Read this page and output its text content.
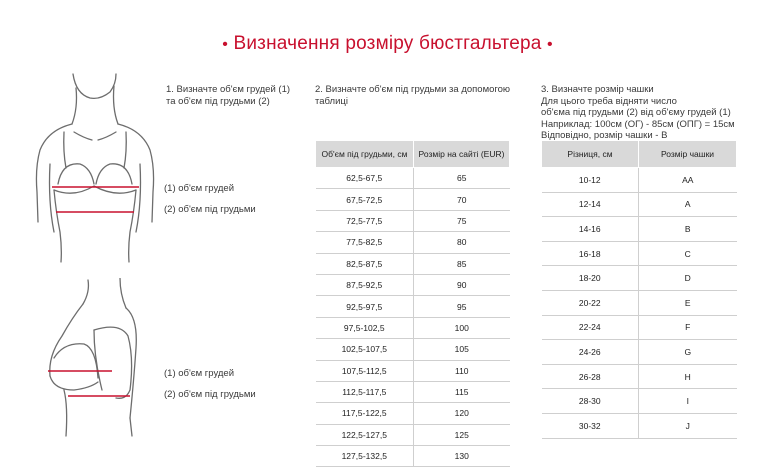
• Визначення розміру бюстгальтера •
1. Визначте об'єм грудей (1)
та об'єм під грудьми (2)
(1) об'єм грудей
(2) об'єм під грудьми
(1) об'єм грудей
(2) об'єм під грудьми
2. Визначте об'єм під грудьми за допомогою
таблиці
3. Визначте розмір чашки
Для цього треба відняти число
об'єма під грудьми (2) від об'єму грудей (1)
Наприклад: 100см (ОГ) - 85см (ОПГ) = 15см
Відповідно, розмір чашки - В
Об'єм під грудьми, см	Розмір на сайті (EUR)
62,5-67,5	65
67,5-72,5	70
72,5-77,5	75
77,5-82,5	80
82,5-87,5	85
87,5-92,5	90
92,5-97,5	95
97,5-102,5	100
102,5-107,5	105
107,5-112,5	110
112,5-117,5	115
117,5-122,5	120
122,5-127,5	125
127,5-132,5	130
Різниця, см	Розмір чашки
10-12	AA
12-14	A
14-16	B
16-18	C
18-20	D
20-22	E
22-24	F
24-26	G
26-28	H
28-30	I
30-32	J
